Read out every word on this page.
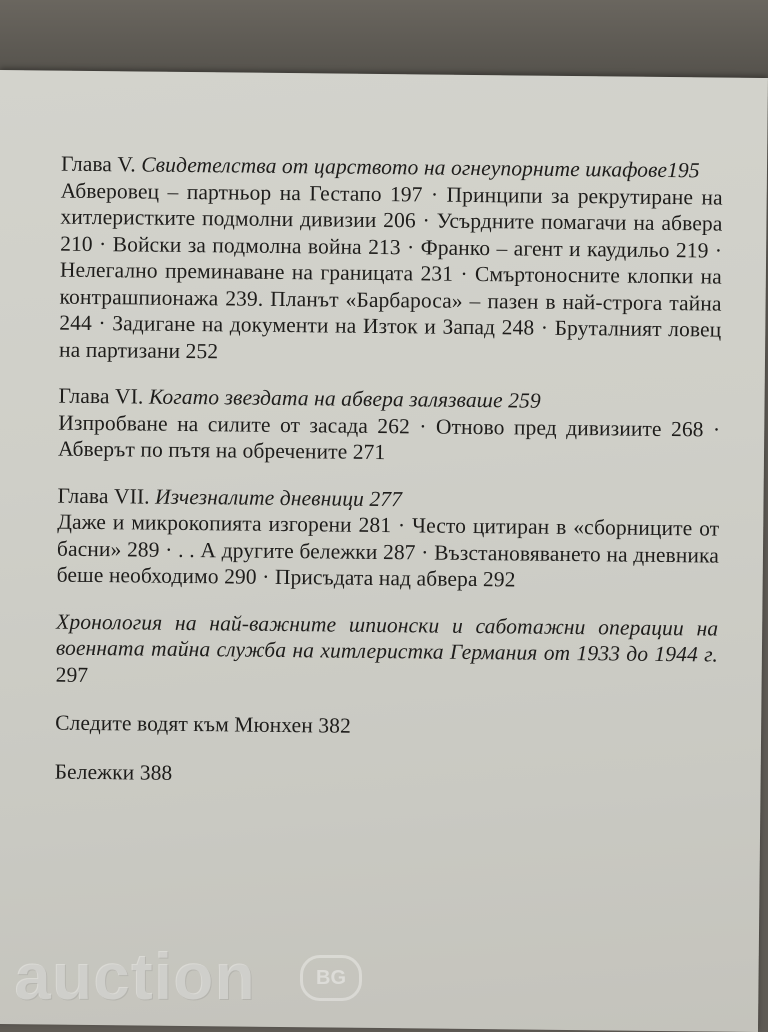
Глава V. Свидетелства от царството на огнеупорните шкафове195
Абверовец – партньор на Гестапо 197 · Принципи за рекрутиране на хитлеристките подмолни дивизии 206 · Усърдните помагачи на абвера 210 · Войски за подмолна война 213 · Франко – агент и каудильо 219 · Нелегално преминаване на границата 231 · Смъртоносните клопки на контрашпионажа 239. Планът «Барбароса» – пазен в най-строга тайна 244 · Задигане на документи на Изток и Запад 248 · Бруталният ловец на партизани 252
Глава VI. Когато звездата на абвера залязваше 259
Изпробване на силите от засада 262 · Отново пред дивизиите 268 · Абверът по пътя на обречените 271
Глава VII. Изчезналите дневници 277
Даже и микрокопията изгорени 281 · Често цитиран в «сборниците от басни» 289 · . . А другите бележки 287 · Възстановяването на дневника беше необходимо 290 · Присъдата над абвера 292
Хронология на най-важните шпионски и саботажни операции на военната тайна служба на хитлеристка Германия от 1933 до 1944 г. 297
Следите водят към Мюнхен 382
Бележки 388
auction	BG
